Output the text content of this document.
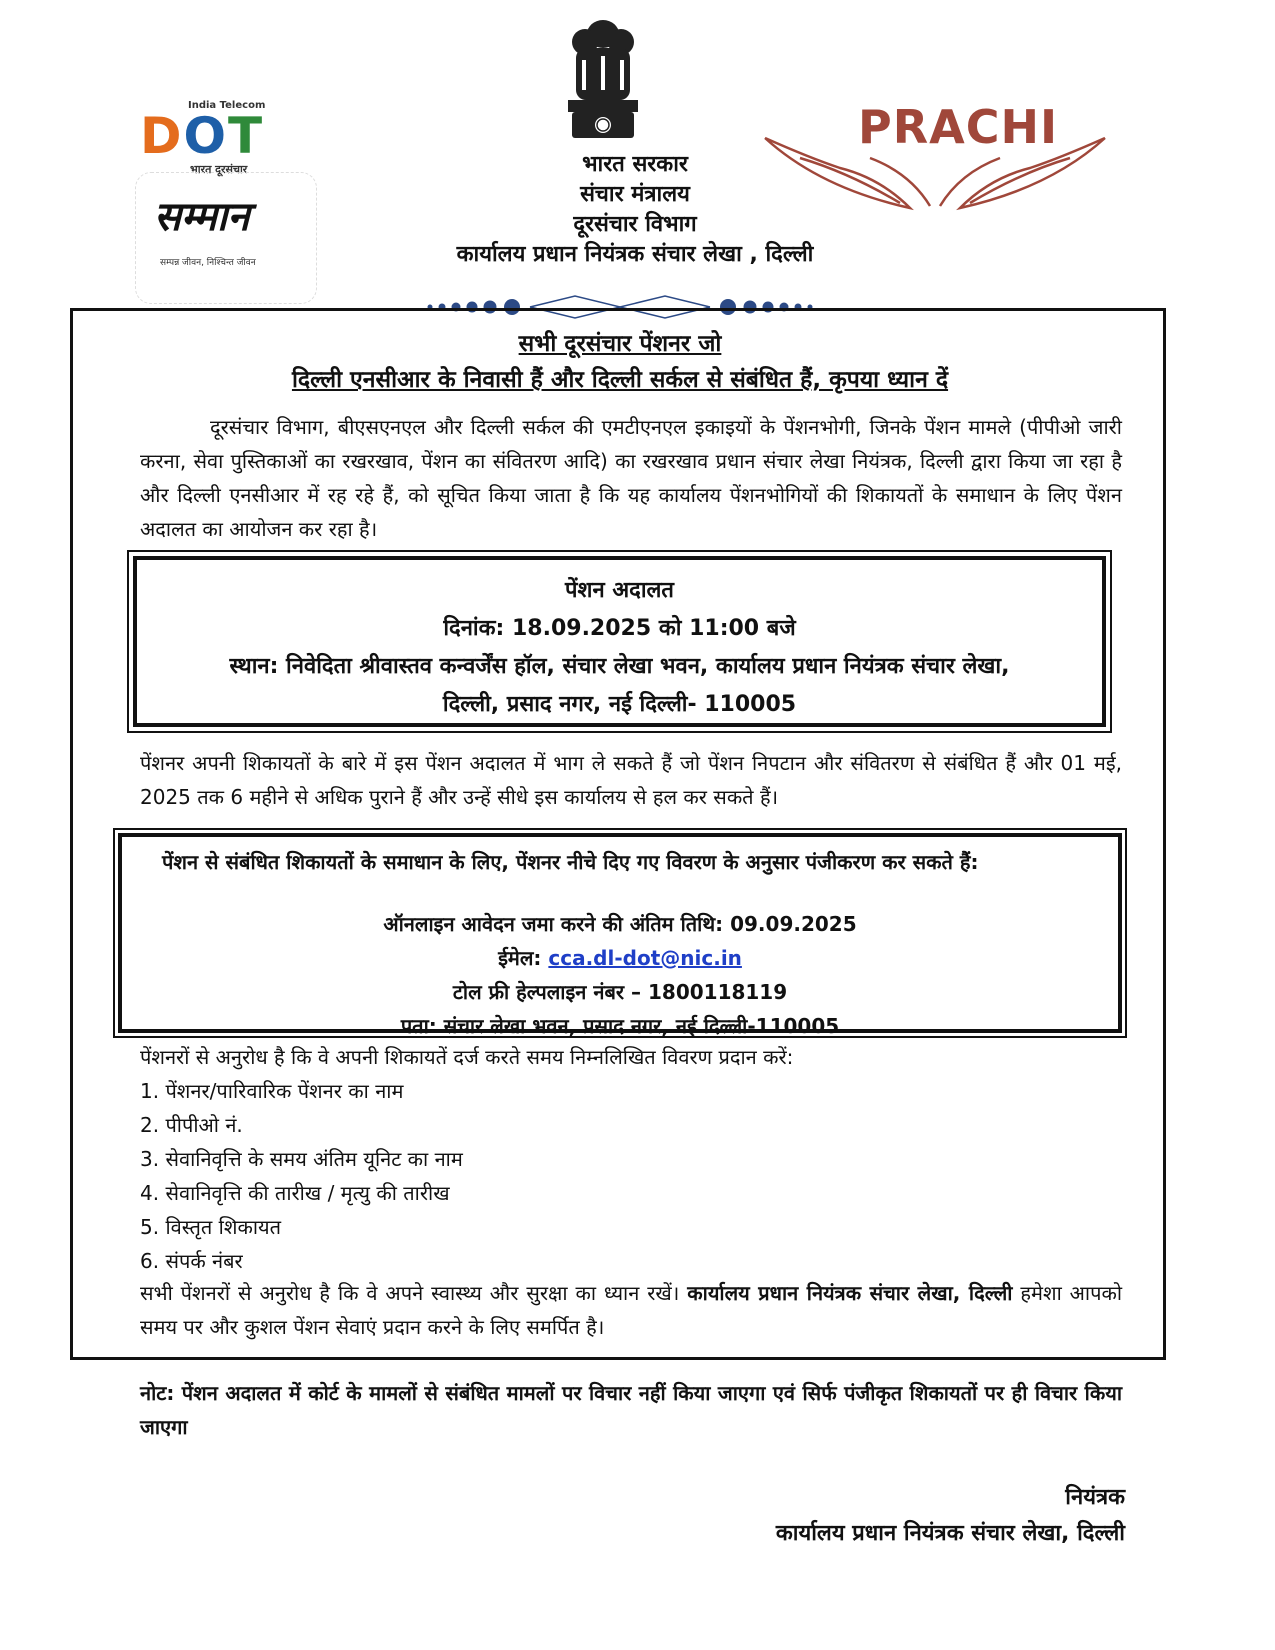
India Telecom
DOT
भारत दूरसंचार
सम्मान
सम्पन्न जीवन, निश्चिन्त जीवन
भारत सरकार
संचार मंत्रालय
दूरसंचार विभाग
कार्यालय प्रधान नियंत्रक संचार लेखा , दिल्ली
PRACHI
सभी दूरसंचार पेंशनर जो
दिल्ली एनसीआर के निवासी हैं और दिल्ली सर्कल से संबंधित हैं, कृपया ध्यान दें
दूरसंचार विभाग, बीएसएनएल और दिल्ली सर्कल की एमटीएनएल इकाइयों के पेंशनभोगी, जिनके पेंशन मामले (पीपीओ जारी करना, सेवा पुस्तिकाओं का रखरखाव, पेंशन का संवितरण आदि) का रखरखाव प्रधान संचार लेखा नियंत्रक, दिल्ली द्वारा किया जा रहा है और दिल्ली एनसीआर में रह रहे हैं, को सूचित किया जाता है कि यह कार्यालय पेंशनभोगियों की शिकायतों के समाधान के लिए पेंशन अदालत का आयोजन कर रहा है।
पेंशन अदालत
दिनांक: 18.09.2025 को 11:00 बजे
स्थान: निवेदिता श्रीवास्तव कन्वर्जेंस हॉल, संचार लेखा भवन, कार्यालय प्रधान नियंत्रक संचार लेखा,
दिल्ली, प्रसाद नगर, नई दिल्ली- 110005
पेंशनर अपनी शिकायतों के बारे में इस पेंशन अदालत में भाग ले सकते हैं जो पेंशन निपटान और संवितरण से संबंधित हैं और 01 मई, 2025 तक 6 महीने से अधिक पुराने हैं और उन्हें सीधे इस कार्यालय से हल कर सकते हैं।
पेंशन से संबंधित शिकायतों के समाधान के लिए, पेंशनर नीचे दिए गए विवरण के अनुसार पंजीकरण कर सकते हैं:
ऑनलाइन आवेदन जमा करने की अंतिम तिथि: 09.09.2025
ईमेल: cca.dl-dot@nic.in
टोल फ्री हेल्पलाइन नंबर – 1800118119
पता: संचार लेखा भवन, प्रसाद नगर, नई दिल्ली-110005
पेंशनरों से अनुरोध है कि वे अपनी शिकायतें दर्ज करते समय निम्नलिखित विवरण प्रदान करें:
1. पेंशनर/पारिवारिक पेंशनर का नाम
2. पीपीओ नं.
3. सेवानिवृत्ति के समय अंतिम यूनिट का नाम
4. सेवानिवृत्ति की तारीख / मृत्यु की तारीख
5. विस्तृत शिकायत
6. संपर्क नंबर
सभी पेंशनरों से अनुरोध है कि वे अपने स्वास्थ्य और सुरक्षा का ध्यान रखें। कार्यालय प्रधान नियंत्रक संचार लेखा, दिल्ली हमेशा आपको समय पर और कुशल पेंशन सेवाएं प्रदान करने के लिए समर्पित है।
नोट: पेंशन अदालत में कोर्ट के मामलों से संबंधित मामलों पर विचार नहीं किया जाएगा एवं सिर्फ पंजीकृत शिकायतों पर ही विचार किया जाएगा
नियंत्रक
कार्यालय प्रधान नियंत्रक संचार लेखा, दिल्ली
